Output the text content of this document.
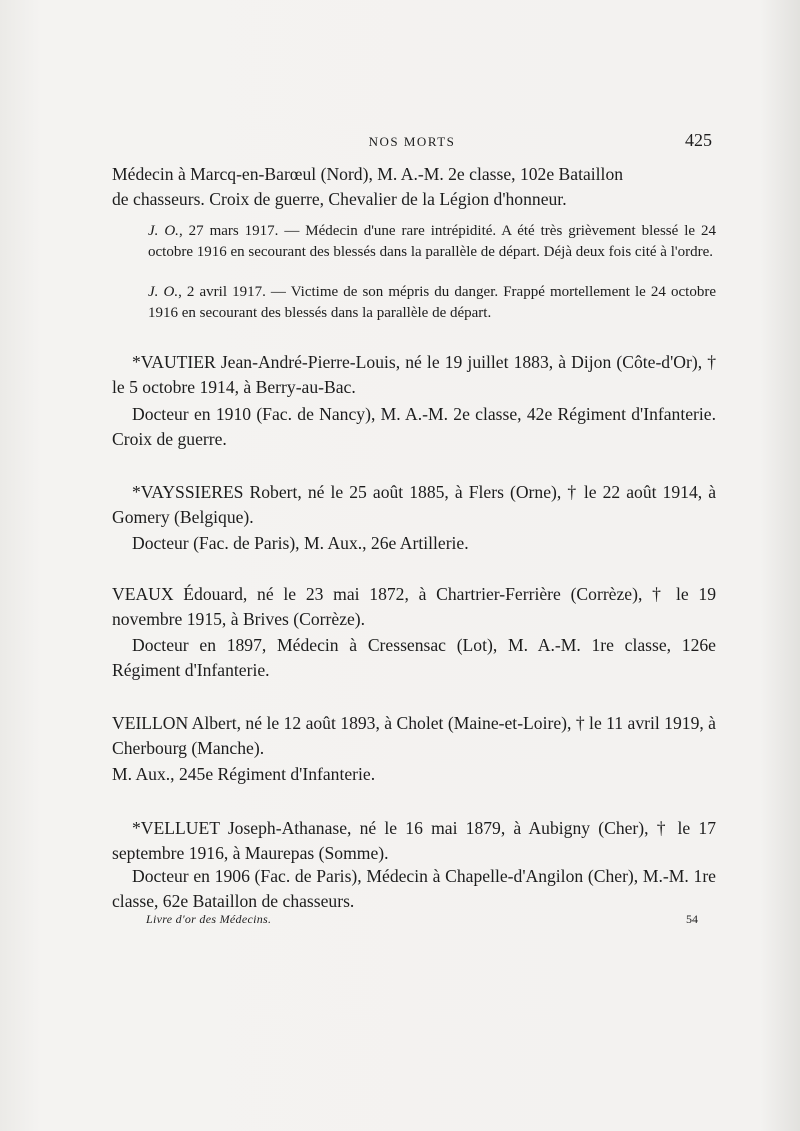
NOS MORTS	425

Médecin à Marcq-en-Barœul (Nord), M. A.-M. 2e classe, 102e Bataillon
de chasseurs. Croix de guerre, Chevalier de la Légion d'honneur.

J. O., 27 mars 1917. — Médecin d'une rare intrépidité. A été très grièvement blessé le 24 octobre 1916 en secourant des blessés dans la parallèle de départ. Déjà deux fois cité à l'ordre.

J. O., 2 avril 1917. — Victime de son mépris du danger. Frappé mortellement le 24 octobre 1916 en secourant des blessés dans la parallèle de départ.

*VAUTIER Jean-André-Pierre-Louis, né le 19 juillet 1883, à Dijon (Côte-d'Or), † le 5 octobre 1914, à Berry-au-Bac.

Docteur en 1910 (Fac. de Nancy), M. A.-M. 2e classe, 42e Régiment d'Infanterie. Croix de guerre.

*VAYSSIERES Robert, né le 25 août 1885, à Flers (Orne), † le 22 août 1914, à Gomery (Belgique).

Docteur (Fac. de Paris), M. Aux., 26e Artillerie.

VEAUX Édouard, né le 23 mai 1872, à Chartrier-Ferrière (Corrèze), † le 19 novembre 1915, à Brives (Corrèze).

Docteur en 1897, Médecin à Cressensac (Lot), M. A.-M. 1re classe, 126e Régiment d'Infanterie.

VEILLON Albert, né le 12 août 1893, à Cholet (Maine-et-Loire), † le 11 avril 1919, à Cherbourg (Manche).

M. Aux., 245e Régiment d'Infanterie.

*VELLUET Joseph-Athanase, né le 16 mai 1879, à Aubigny (Cher), † le 17 septembre 1916, à Maurepas (Somme).

Docteur en 1906 (Fac. de Paris), Médecin à Chapelle-d'Angilon (Cher), M.-M. 1re classe, 62e Bataillon de chasseurs.

Livre d'or des Médecins.	54
